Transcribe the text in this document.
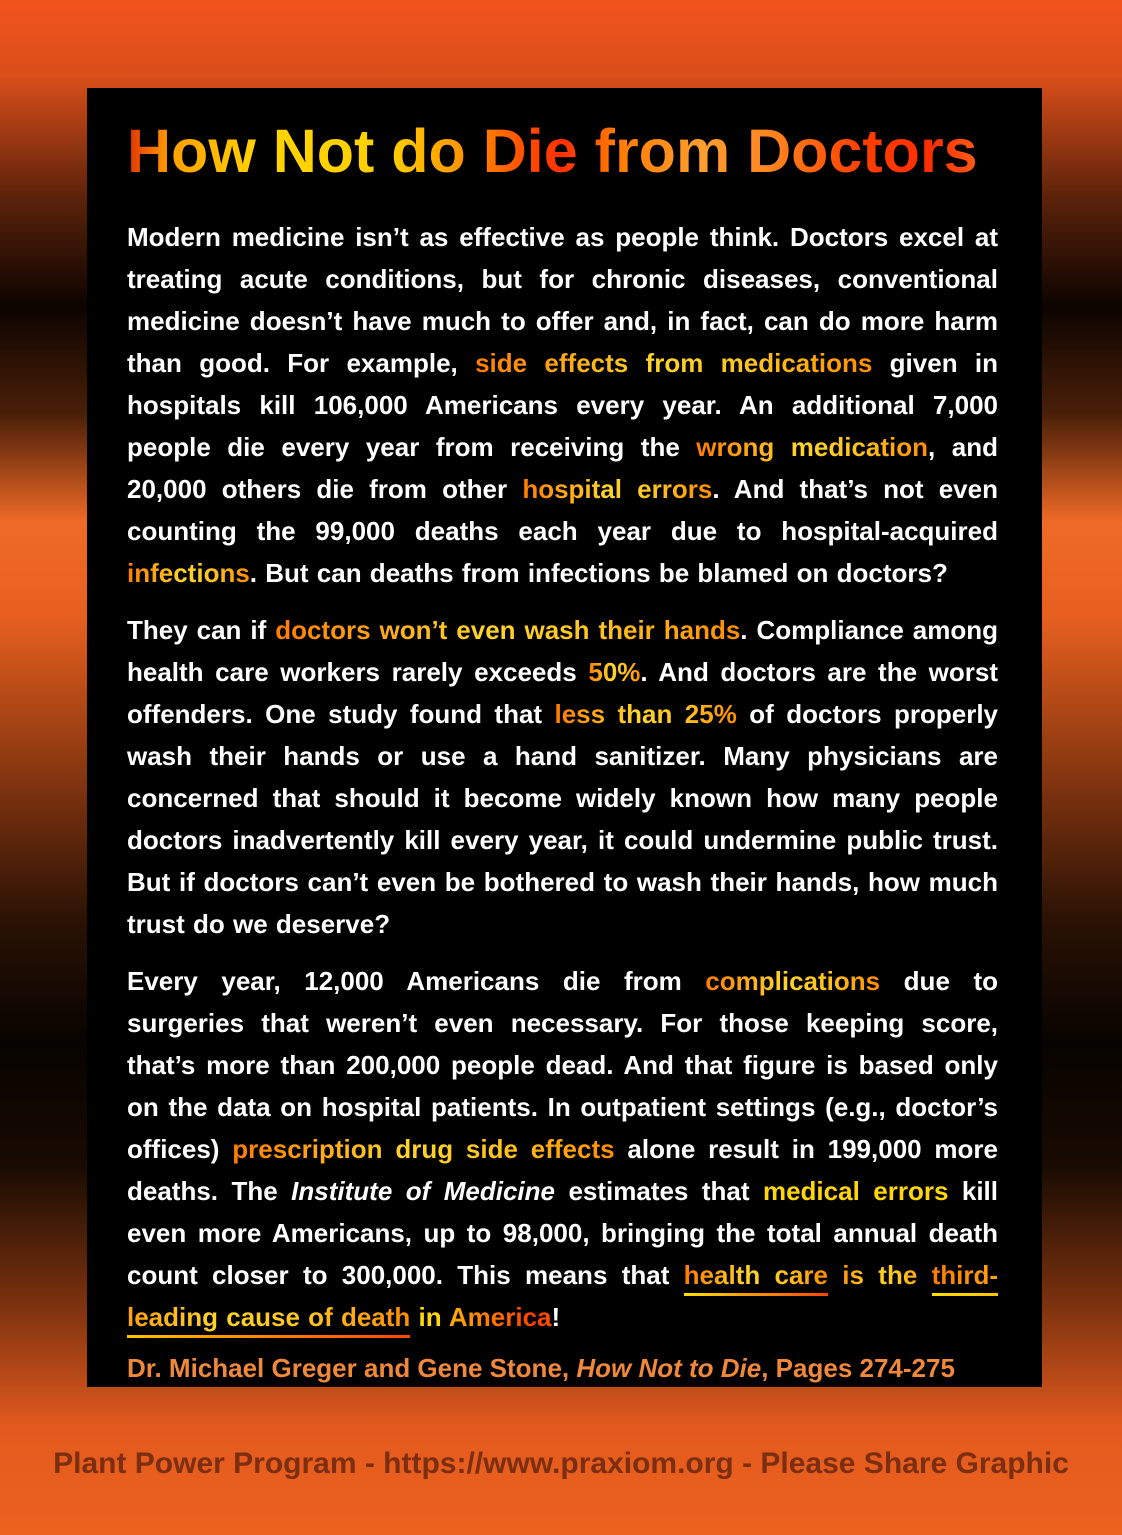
How Not do Die from Doctors

Modern medicine isn’t as effective as people think. Doctors excel at treating acute conditions, but for chronic diseases, conventional medicine doesn’t have much to offer and, in fact, can do more harm than good. For example, side effects from medications given in hospitals kill 106,000 Americans every year. An additional 7,000 people die every year from receiving the wrong medication, and 20,000 others die from other hospital errors. And that’s not even counting the 99,000 deaths each year due to hospital-acquired infections. But can deaths from infections be blamed on doctors?

They can if doctors won’t even wash their hands. Compliance among health care workers rarely exceeds 50%. And doctors are the worst offenders. One study found that less than 25% of doctors properly wash their hands or use a hand sanitizer. Many physicians are concerned that should it become widely known how many people doctors inadvertently kill every year, it could undermine public trust. But if doctors can’t even be bothered to wash their hands, how much trust do we deserve?

Every year, 12,000 Americans die from complications due to surgeries that weren’t even necessary. For those keeping score, that’s more than 200,000 people dead. And that figure is based only on the data on hospital patients. In outpatient settings (e.g., doctor’s offices) prescription drug side effects alone result in 199,000 more deaths. The Institute of Medicine estimates that medical errors kill even more Americans, up to 98,000, bringing the total annual death count closer to 300,000. This means that health care is the third-leading cause of death in America!

Dr. Michael Greger and Gene Stone, How Not to Die, Pages 274-275

Plant Power Program - https://www.praxiom.org - Please Share Graphic
